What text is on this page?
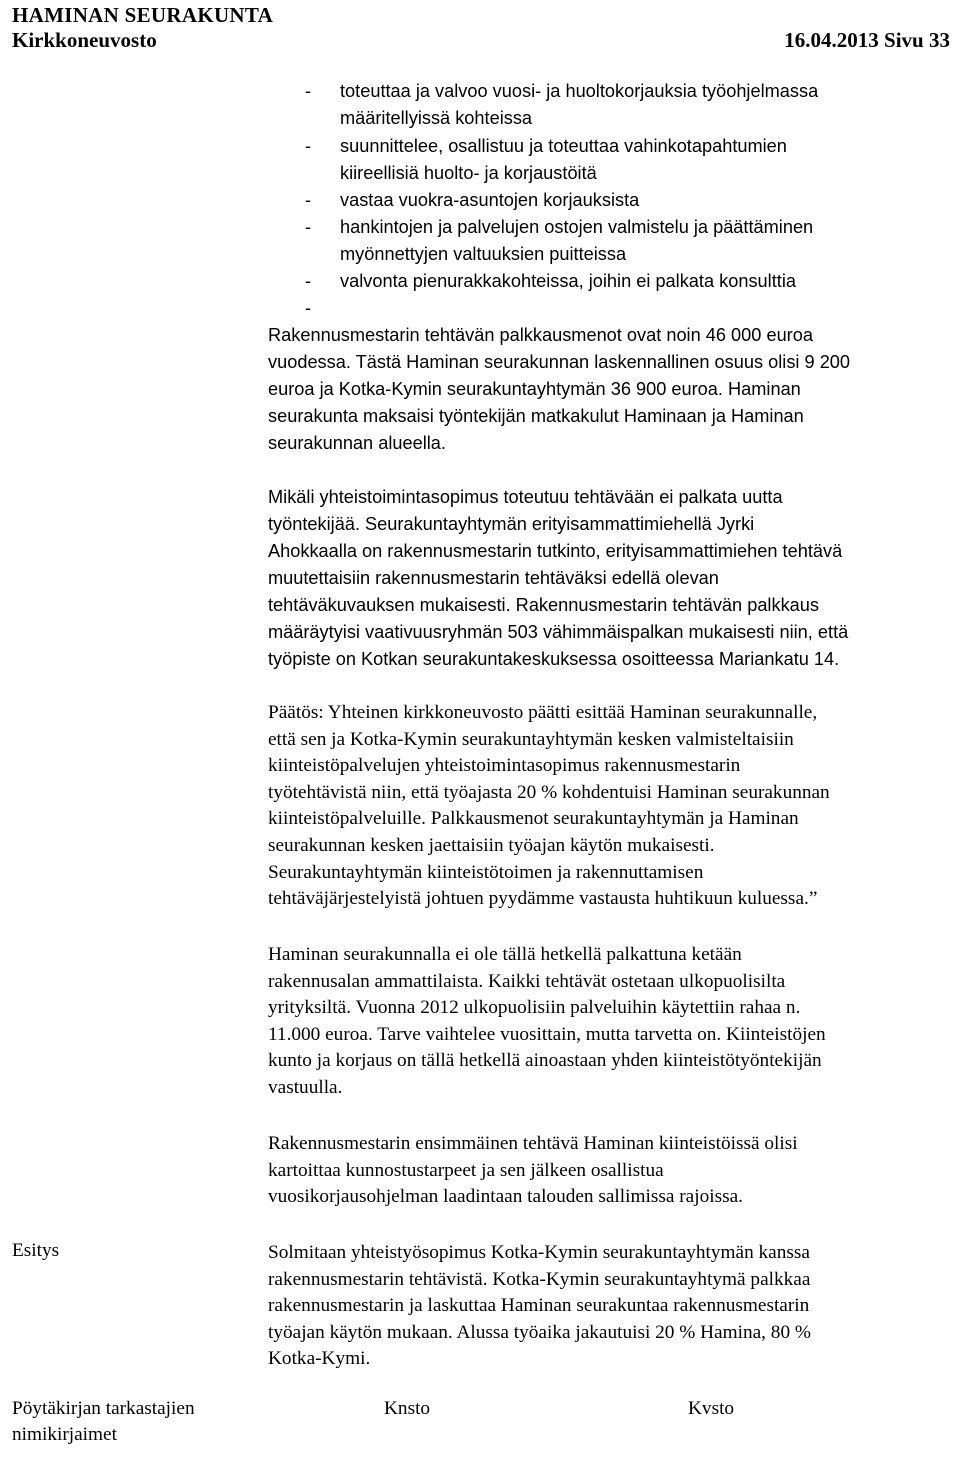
HAMINAN SEURAKUNTA
Kirkkoneuvosto	16.04.2013 Sivu 33
- toteuttaa ja valvoo vuosi- ja huoltokorjauksia työohjelmassa
määritellyissä kohteissa
- suunnittelee, osallistuu ja toteuttaa vahinkotapahtumien
kiireellisiä huolto- ja korjaustöitä
- vastaa vuokra-asuntojen korjauksista
- hankintojen ja palvelujen ostojen valmistelu ja päättäminen
myönnettyjen valtuuksien puitteissa
- valvonta pienurakkakohteissa, joihin ei palkata konsulttia
-
Rakennusmestarin tehtävän palkkausmenot ovat noin 46 000 euroa
vuodessa. Tästä Haminan seurakunnan laskennallinen osuus olisi 9 200
euroa ja Kotka-Kymin seurakuntayhtymän 36 900 euroa. Haminan
seurakunta maksaisi työntekijän matkakulut Haminaan ja Haminan
seurakunnan alueella.
Mikäli yhteistoimintasopimus toteutuu tehtävään ei palkata uutta
työntekijää. Seurakuntayhtymän erityisammattimiehellä Jyrki
Ahokkaalla on rakennusmestarin tutkinto, erityisammattimiehen tehtävä
muutettaisiin rakennusmestarin tehtäväksi edellä olevan
tehtäväkuvauksen mukaisesti. Rakennusmestarin tehtävän palkkaus
määräytyisi vaativuusryhmän 503 vähimmäispalkan mukaisesti niin, että
työpiste on Kotkan seurakuntakeskuksessa osoitteessa Mariankatu 14.
Päätös: Yhteinen kirkkoneuvosto päätti esittää Haminan seurakunnalle,
että sen ja Kotka-Kymin seurakuntayhtymän kesken valmisteltaisiin
kiinteistöpalvelujen yhteistoimintasopimus rakennusmestarin
työtehtävistä niin, että työajasta 20 % kohdentuisi Haminan seurakunnan
kiinteistöpalveluille. Palkkausmenot seurakuntayhtymän ja Haminan
seurakunnan kesken jaettaisiin työajan käytön mukaisesti.
Seurakuntayhtymän kiinteistötoimen ja rakennuttamisen
tehtäväjärjestelyistä johtuen pyydämme vastausta huhtikuun kuluessa.”
Haminan seurakunnalla ei ole tällä hetkellä palkattuna ketään
rakennusalan ammattilaista. Kaikki tehtävät ostetaan ulkopuolisilta
yrityksiltä. Vuonna 2012 ulkopuolisiin palveluihin käytettiin rahaa n.
11.000 euroa. Tarve vaihtelee vuosittain, mutta tarvetta on. Kiinteistöjen
kunto ja korjaus on tällä hetkellä ainoastaan yhden kiinteistötyöntekijän
vastuulla.
Rakennusmestarin ensimmäinen tehtävä Haminan kiinteistöissä olisi
kartoittaa kunnostustarpeet ja sen jälkeen osallistua
vuosikorjausohjelman laadintaan talouden sallimissa rajoissa.
Esitys	Solmitaan yhteistyösopimus Kotka-Kymin seurakuntayhtymän kanssa
rakennusmestarin tehtävistä. Kotka-Kymin seurakuntayhtymä palkkaa
rakennusmestarin ja laskuttaa Haminan seurakuntaa rakennusmestarin
työajan käytön mukaan. Alussa työaika jakautuisi 20 % Hamina, 80 %
Kotka-Kymi.
Pöytäkirjan tarkastajien
nimikirjaimet
Knsto	Kvsto
